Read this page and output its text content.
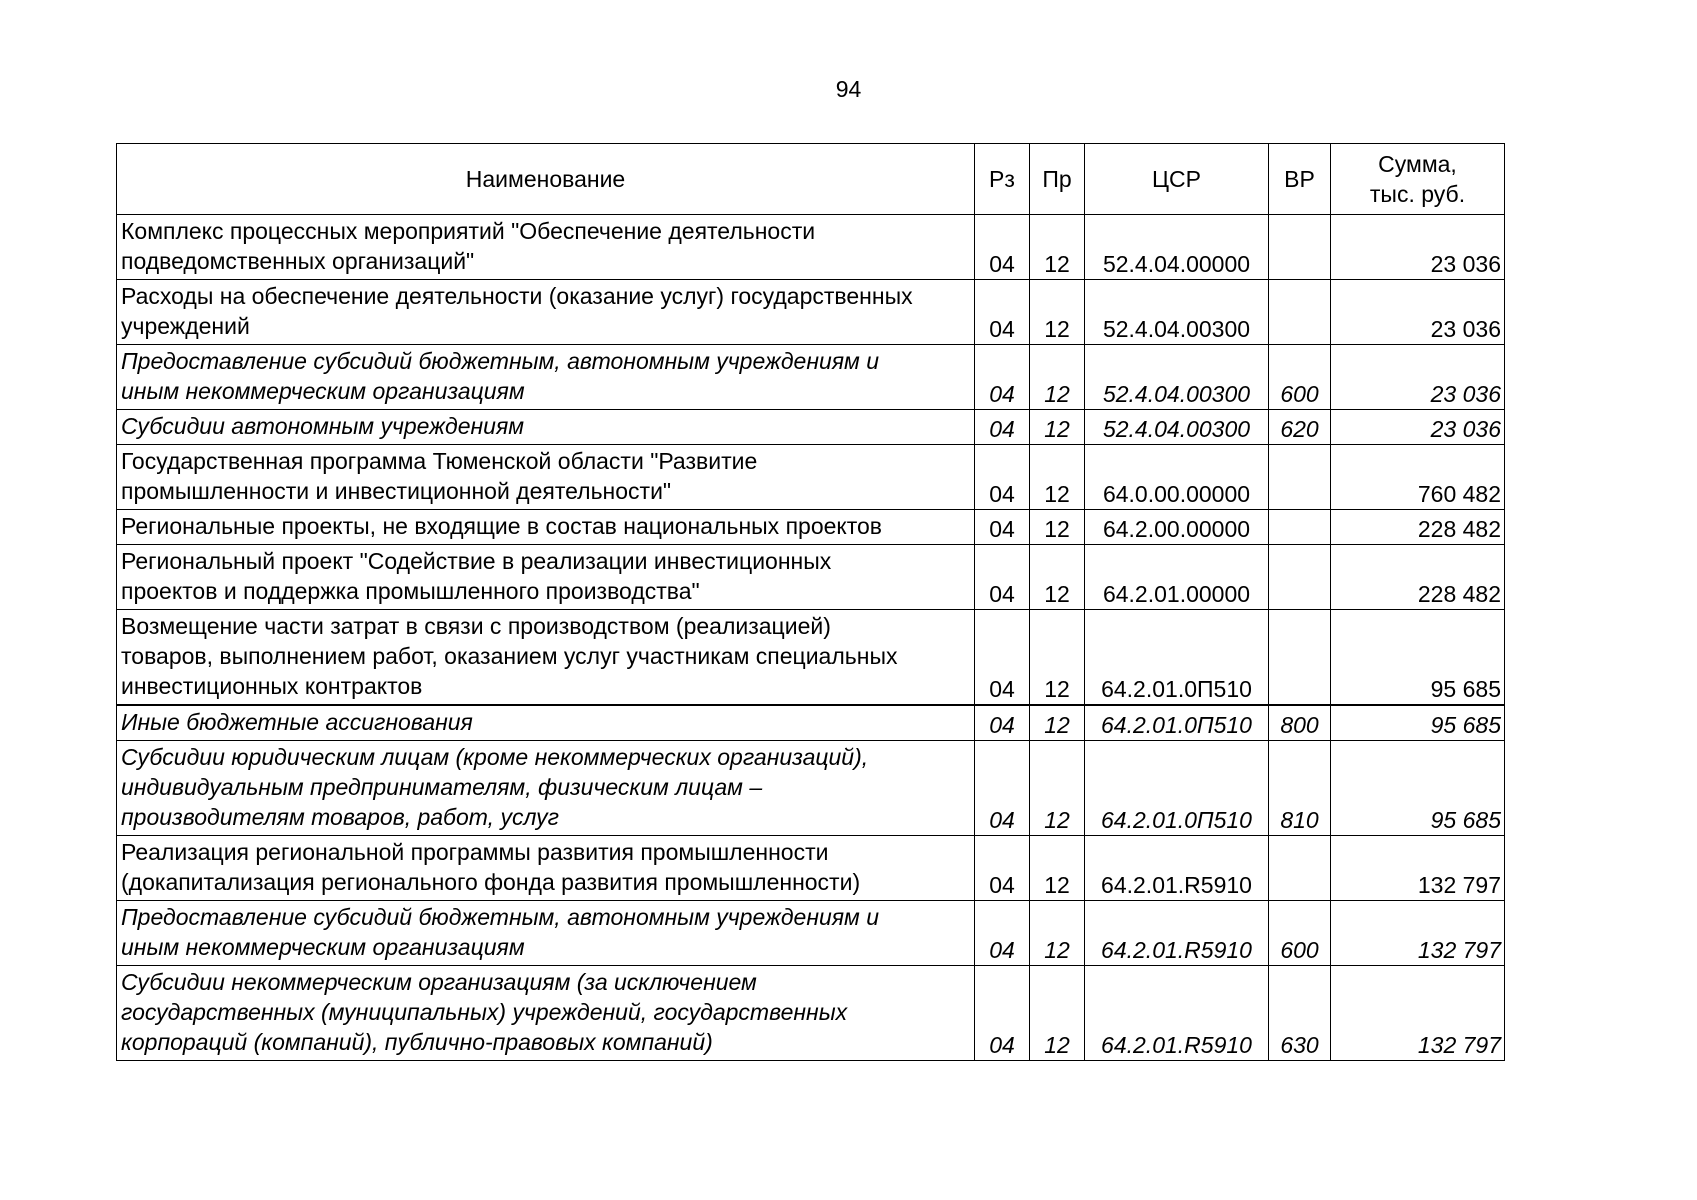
94
Наименование	Рз	Пр	ЦСР	ВР	Сумма,
тыс. руб.

Комплекс процессных мероприятий "Обеспечение деятельности
подведомственных организаций"	04	12	52.4.04.00000		23 036

Расходы на обеспечение деятельности (оказание услуг) государственных
учреждений	04	12	52.4.04.00300		23 036

Предоставление субсидий бюджетным, автономным учреждениям и
иным некоммерческим организациям	04	12	52.4.04.00300	600	23 036

Субсидии автономным учреждениям	04	12	52.4.04.00300	620	23 036

Государственная программа Тюменской области "Развитие
промышленности и инвестиционной деятельности"	04	12	64.0.00.00000		760 482

Региональные проекты, не входящие в состав национальных проектов	04	12	64.2.00.00000		228 482

Региональный проект "Содействие в реализации инвестиционных
проектов и поддержка промышленного производства"	04	12	64.2.01.00000		228 482

Возмещение части затрат в связи с производством (реализацией)
товаров, выполнением работ, оказанием услуг участникам специальных
инвестиционных контрактов	04	12	64.2.01.0П510		95 685

Иные бюджетные ассигнования	04	12	64.2.01.0П510	800	95 685

Субсидии юридическим лицам (кроме некоммерческих организаций),
индивидуальным предпринимателям, физическим лицам –
производителям товаров, работ, услуг	04	12	64.2.01.0П510	810	95 685

Реализация региональной программы развития промышленности
(докапитализация регионального фонда развития промышленности)	04	12	64.2.01.R5910		132 797

Предоставление субсидий бюджетным, автономным учреждениям и
иным некоммерческим организациям	04	12	64.2.01.R5910	600	132 797

Субсидии некоммерческим организациям (за исключением
государственных (муниципальных) учреждений, государственных
корпораций (компаний), публично-правовых компаний)	04	12	64.2.01.R5910	630	132 797
